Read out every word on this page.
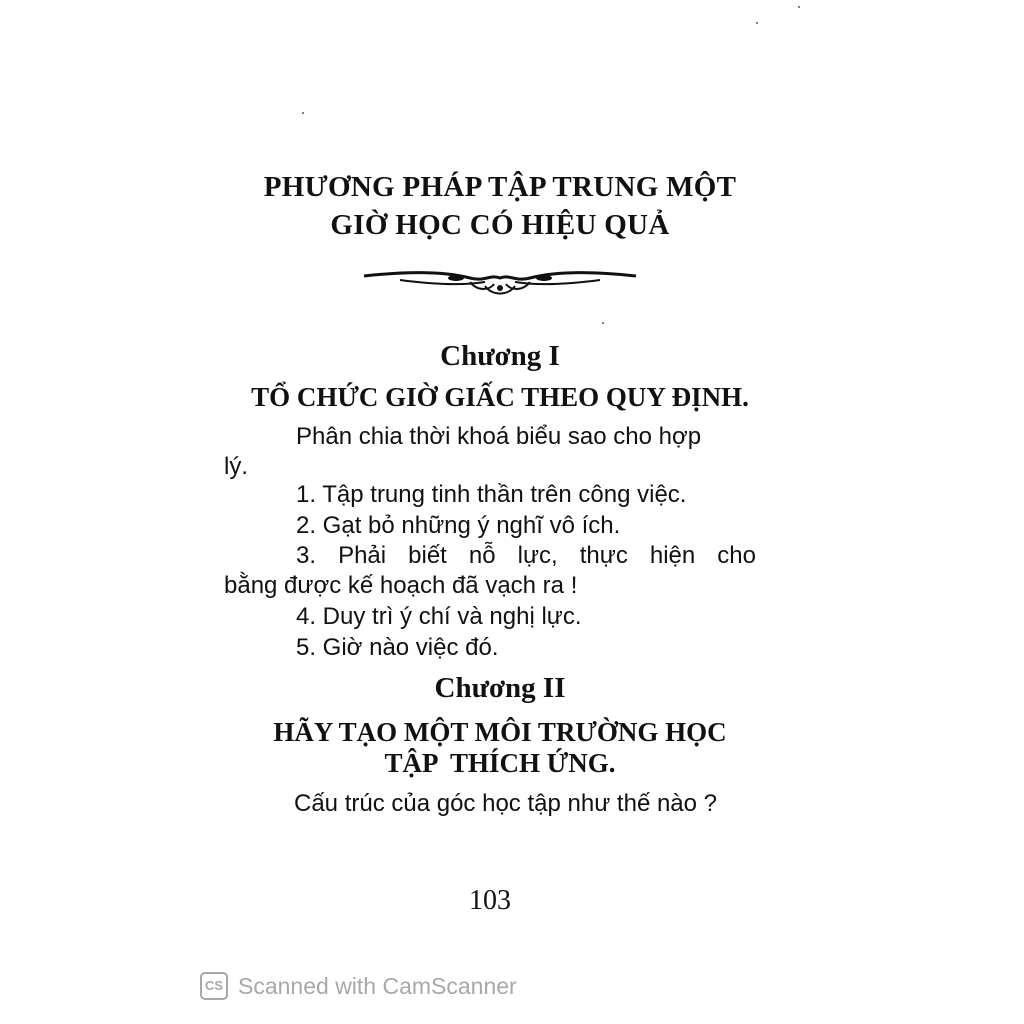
PHƯƠNG PHÁP TẬP TRUNG MỘT
GIỜ HỌC CÓ HIỆU QUẢ
Chương I
TỔ CHỨC GIỜ GIẤC THEO QUY ĐỊNH.
Phân chia thời khoá biểu sao cho hợp
lý.
1. Tập trung tinh thần trên công việc.
2. Gạt bỏ những ý nghĩ vô ích.
3. Phải biết nỗ lực, thực hiện cho
bằng được kế hoạch đã vạch ra !
4. Duy trì ý chí và nghị lực.
5. Giờ nào việc đó.
Chương II
HÃY TẠO MỘT MÔI TRƯỜNG HỌC
TẬP  THÍCH ỨNG.
Cấu trúc của góc học tập như thế nào ?
103
CS Scanned with CamScanner
